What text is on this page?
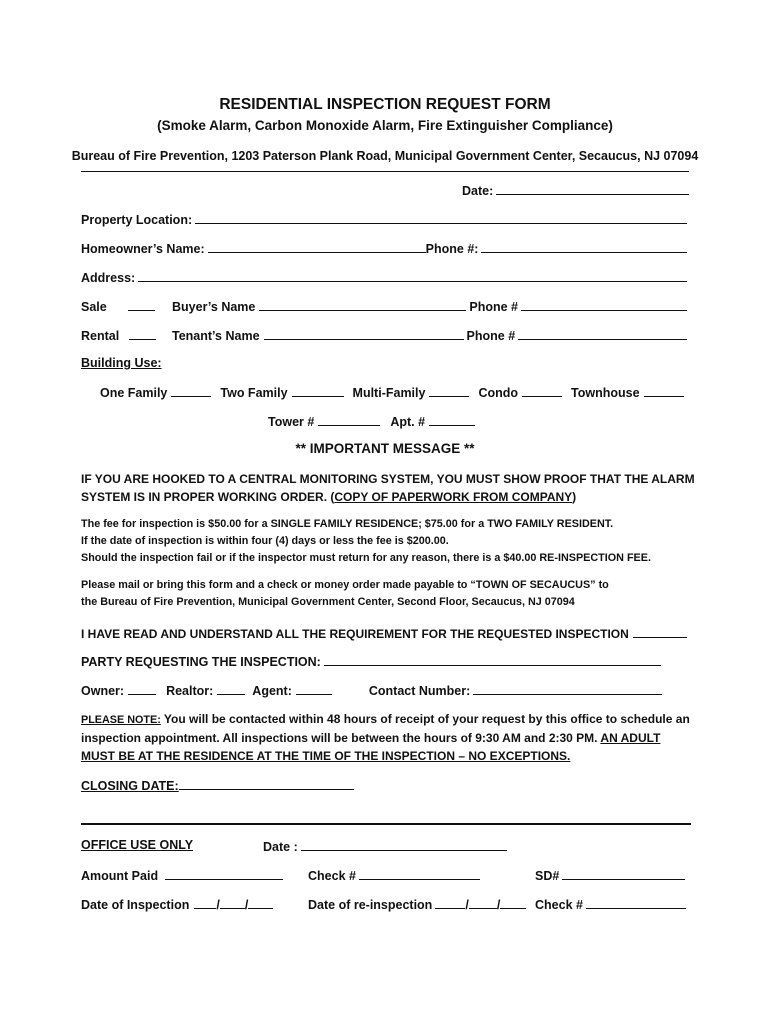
RESIDENTIAL INSPECTION REQUEST FORM
(Smoke Alarm, Carbon Monoxide Alarm, Fire Extinguisher Compliance)
Bureau of Fire Prevention, 1203 Paterson Plank Road, Municipal Government Center, Secaucus, NJ 07094
Date:
Property Location:
Homeowner’s Name:	Phone #:
Address:
Sale	Buyer’s Name	Phone #
Rental	Tenant’s Name	Phone #
Building Use:
One Family	Two Family	Multi-Family	Condo	Townhouse
Tower #	Apt. #
** IMPORTANT MESSAGE **
IF YOU ARE HOOKED TO A CENTRAL MONITORING SYSTEM, YOU MUST SHOW PROOF THAT THE ALARM
SYSTEM IS IN PROPER WORKING ORDER. (COPY OF PAPERWORK FROM COMPANY)
The fee for inspection is $50.00 for a SINGLE FAMILY RESIDENCE; $75.00 for a TWO FAMILY RESIDENT.
If the date of inspection is within four (4) days or less the fee is $200.00.
Should the inspection fail or if the inspector must return for any reason, there is a $40.00 RE-INSPECTION FEE.
Please mail or bring this form and a check or money order made payable to “TOWN OF SECAUCUS” to
the Bureau of Fire Prevention, Municipal Government Center, Second Floor, Secaucus, NJ 07094
I HAVE READ AND UNDERSTAND ALL THE REQUIREMENT FOR THE REQUESTED INSPECTION
PARTY REQUESTING THE INSPECTION:
Owner:	Realtor:	Agent:	Contact Number:
PLEASE NOTE: You will be contacted within 48 hours of receipt of your request by this office to schedule an
inspection appointment. All inspections will be between the hours of 9:30 AM and 2:30 PM. AN ADULT
MUST BE AT THE RESIDENCE AT THE TIME OF THE INSPECTION – NO EXCEPTIONS.
CLOSING DATE:
OFFICE USE ONLY	Date :
Amount Paid	Check #	SD#
Date of Inspection / /	Date of re-inspection	/ /	Check #
